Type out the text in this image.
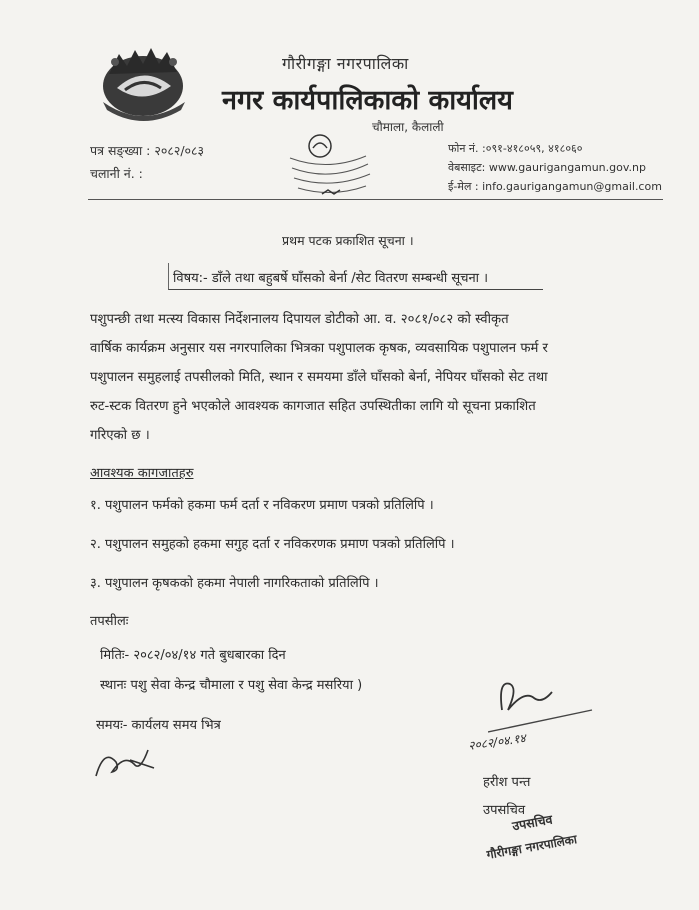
गौरीगङ्गा नगरपालिका
नगर कार्यपालिकाको कार्यालय
चौमाला, कैलाली
पत्र सङ्ख्या : २०८२/०८३
चलानी नं. :
फोन नं. :०९१-४१८०५९, ४१८०६०
वेबसाइट: www.gaurigangamun.gov.np
ई-मेल : info.gaurigangamun@gmail.com
प्रथम पटक प्रकाशित सूचना ।
विषय:- डाँले तथा बहुबर्षे घाँसको बेर्ना /सेट वितरण सम्बन्धी सूचना ।
पशुपन्छी तथा मत्स्य विकास निर्देशनालय दिपायल डोटीको आ. व. २०८१/०८२ को स्वीकृत
वार्षिक कार्यक्रम अनुसार यस नगरपालिका भित्रका पशुपालक कृषक, व्यवसायिक पशुपालन फर्म र
पशुपालन समुहलाई तपसीलको मिति, स्थान र समयमा डाँले घाँसको बेर्ना, नेपियर घाँसको सेट तथा
रुट-स्टक वितरण हुने भएकोले आवश्यक कागजात सहित उपस्थितीका लागि यो सूचना प्रकाशित
गरिएको छ ।
आवश्यक कागजातहरु
१. पशुपालन फर्मको हकमा फर्म दर्ता र नविकरण प्रमाण पत्रको प्रतिलिपि ।
२. पशुपालन समुहको हकमा सगुह दर्ता र नविकरणक प्रमाण पत्रको प्रतिलिपि ।
३. पशुपालन कृषकको हकमा नेपाली नागरिकताको प्रतिलिपि ।
तपसीलः
मितिः- २०८२/०४/१४ गते बुधबारका दिन
स्थानः पशु सेवा केन्द्र चौमाला र पशु सेवा केन्द्र मसरिया )
समयः- कार्यलय समय भित्र
२०८२/०४.१४
हरीश पन्त
उपसचिव
उपसचिव
गौरीगङ्गा नगरपालिका
